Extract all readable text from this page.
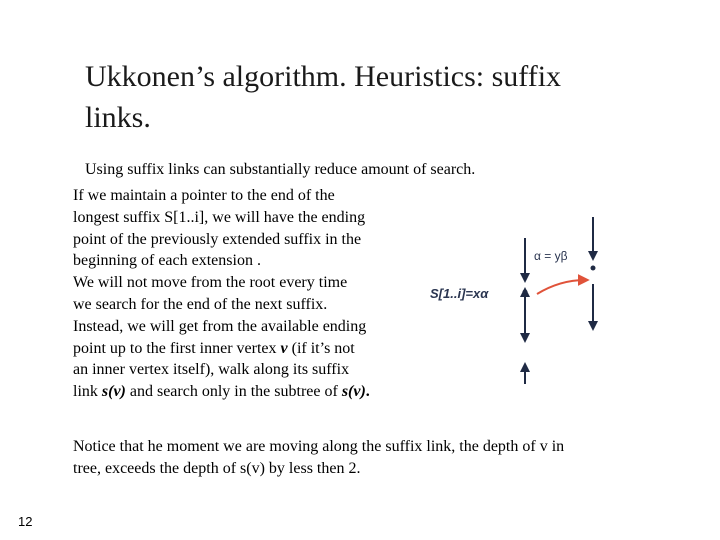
Ukkonen’s algorithm. Heuristics: suffix
links.
Using suffix links can substantially reduce amount of search.
If we maintain a pointer to the end of the
longest suffix S[1..i], we will have the ending
point of the previously extended suffix in the
beginning of each extension .
We will not move from the root every time
we search for the end of the next suffix.
Instead, we will get from the available ending
point up to the first inner vertex v (if it’s not
an inner vertex itself), walk along its suffix
link s(v) and search only in the subtree of s(v).
α = yβ
S[1..i]=xα
Notice that he moment we are moving along the suffix link, the depth of v in
tree, exceeds the depth of s(v) by less then 2.
12
